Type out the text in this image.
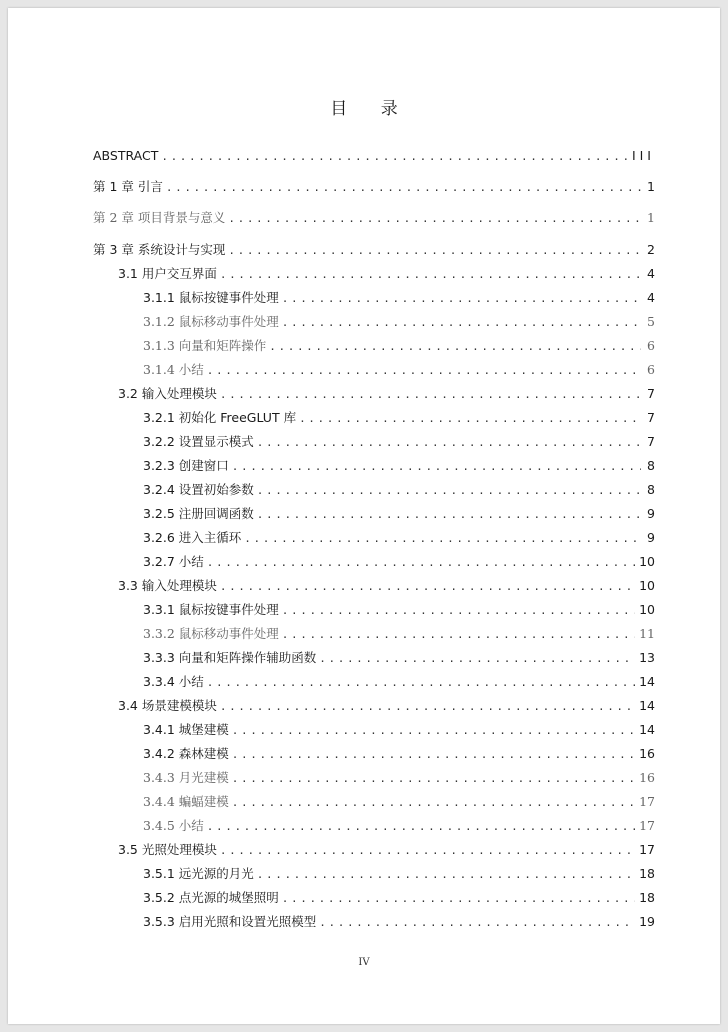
目 录
ABSTRACT .....	III
第 1 章 引言 .....	1
第 2 章 项目背景与意义 .....	1
第 3 章 系统设计与实现 .....	2
3.1 用户交互界面 .....	4
3.1.1 鼠标按键事件处理 .....	4
3.1.2 鼠标移动事件处理 .....	5
3.1.3 向量和矩阵操作 .....	6
3.1.4 小结 .....	6
3.2 输入处理模块 .....	7
3.2.1 初始化 FreeGLUT 库 .....	7
3.2.2 设置显示模式 .....	7
3.2.3 创建窗口 .....	8
3.2.4 设置初始参数 .....	8
3.2.5 注册回调函数 .....	9
3.2.6 进入主循环 .....	9
3.2.7 小结 .....	10
3.3 输入处理模块 .....	10
3.3.1 鼠标按键事件处理 .....	10
3.3.2 鼠标移动事件处理 .....	11
3.3.3 向量和矩阵操作辅助函数 .....	13
3.3.4 小结 .....	14
3.4 场景建模模块 .....	14
3.4.1 城堡建模 .....	14
3.4.2 森林建模 .....	16
3.4.3 月光建模 .....	16
3.4.4 蝙蝠建模 .....	17
3.4.5 小结 .....	17
3.5 光照处理模块 .....	17
3.5.1 远光源的月光 .....	18
3.5.2 点光源的城堡照明 .....	18
3.5.3 启用光照和设置光照模型 .....	19
IV
